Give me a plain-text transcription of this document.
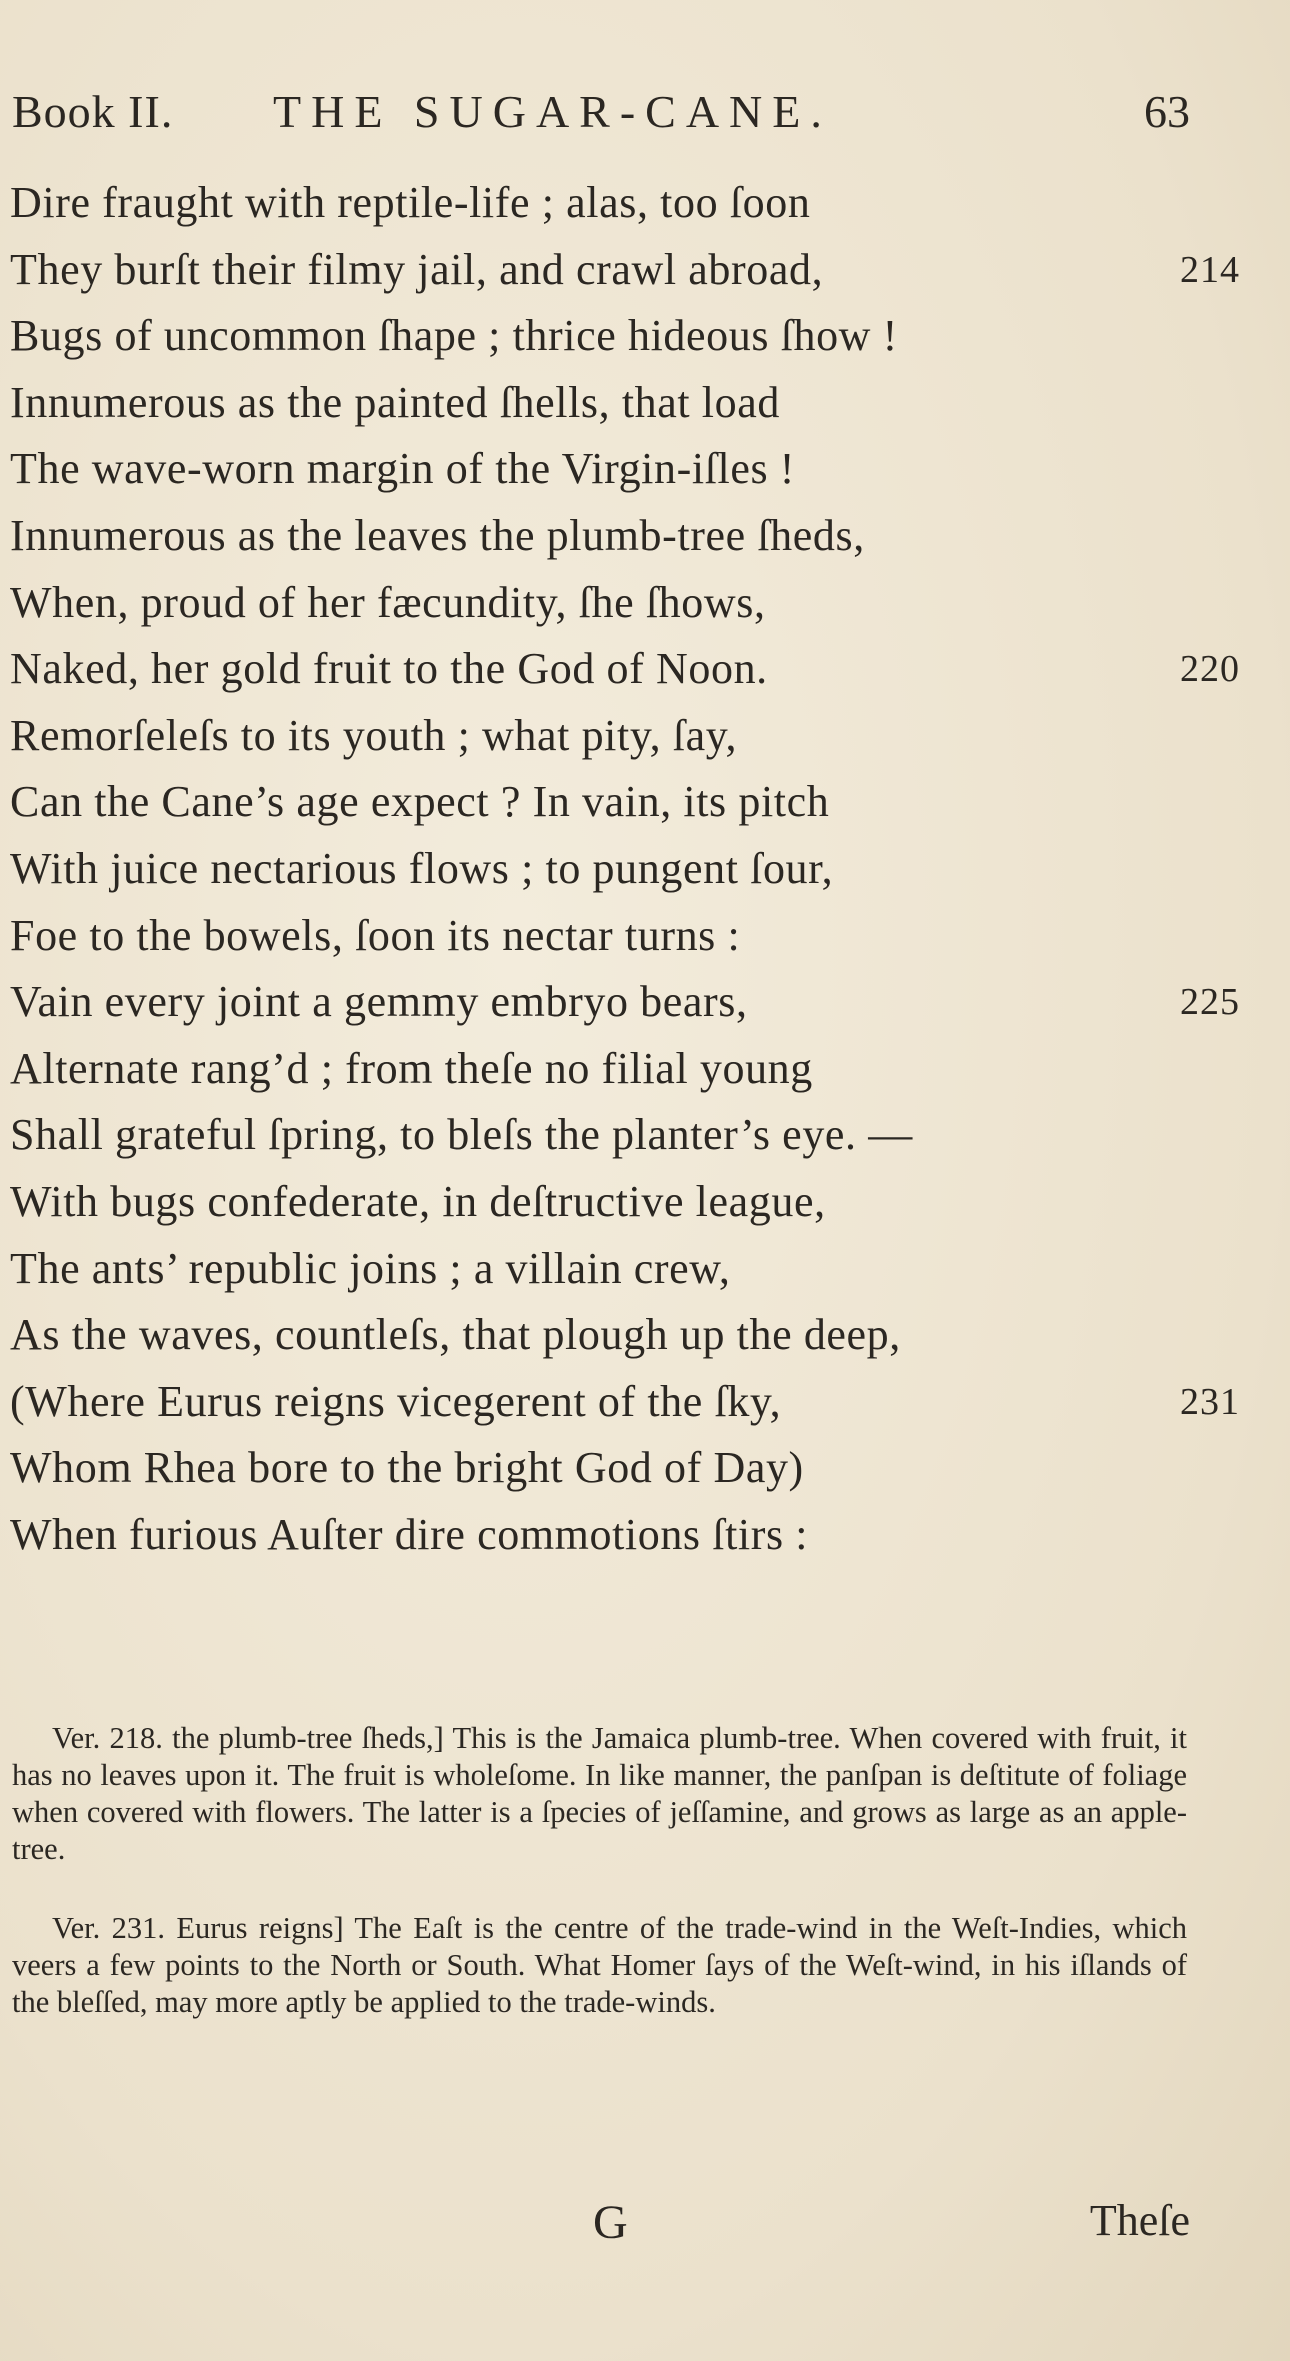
Book II. THE SUGAR-CANE.	63
Dire fraught with reptile-life ; alas, too ſoon
They burſt their filmy jail, and crawl abroad,	214
Bugs of uncommon ſhape ; thrice hideous ſhow !
Innumerous as the painted ſhells, that load
The wave-worn margin of the Virgin-iſles !
Innumerous as the leaves the plumb-tree ſheds,
When, proud of her fæcundity, ſhe ſhows,
Naked, her gold fruit to the God of Noon.	220
Remorſeleſs to its youth ; what pity, ſay,
Can the Cane’s age expect ? In vain, its pitch
With juice nectarious flows ; to pungent ſour,
Foe to the bowels, ſoon its nectar turns :
Vain every joint a gemmy embryo bears,	225
Alternate rang’d ; from theſe no filial young
Shall grateful ſpring, to bleſs the planter’s eye. —
With bugs confederate, in deſtructive league,
The ants’ republic joins ; a villain crew,
As the waves, countleſs, that plough up the deep,
(Where Eurus reigns vicegerent of the ſky,	231
Whom Rhea bore to the bright God of Day)
When furious Auſter dire commotions ſtirs :

Ver. 218. the plumb-tree ſheds,] This is the Jamaica plumb-tree. When covered with fruit, it has no leaves upon it. The fruit is wholeſome. In like manner, the panſpan is deſtitute of foliage when covered with flowers. The latter is a ſpecies of jeſſamine, and grows as large as an apple-tree.

Ver. 231. Eurus reigns] The Eaſt is the centre of the trade-wind in the Weſt-Indies, which veers a few points to the North or South. What Homer ſays of the Weſt-wind, in his iſlands of the bleſſed, may more aptly be applied to the trade-winds.

G	Theſe
